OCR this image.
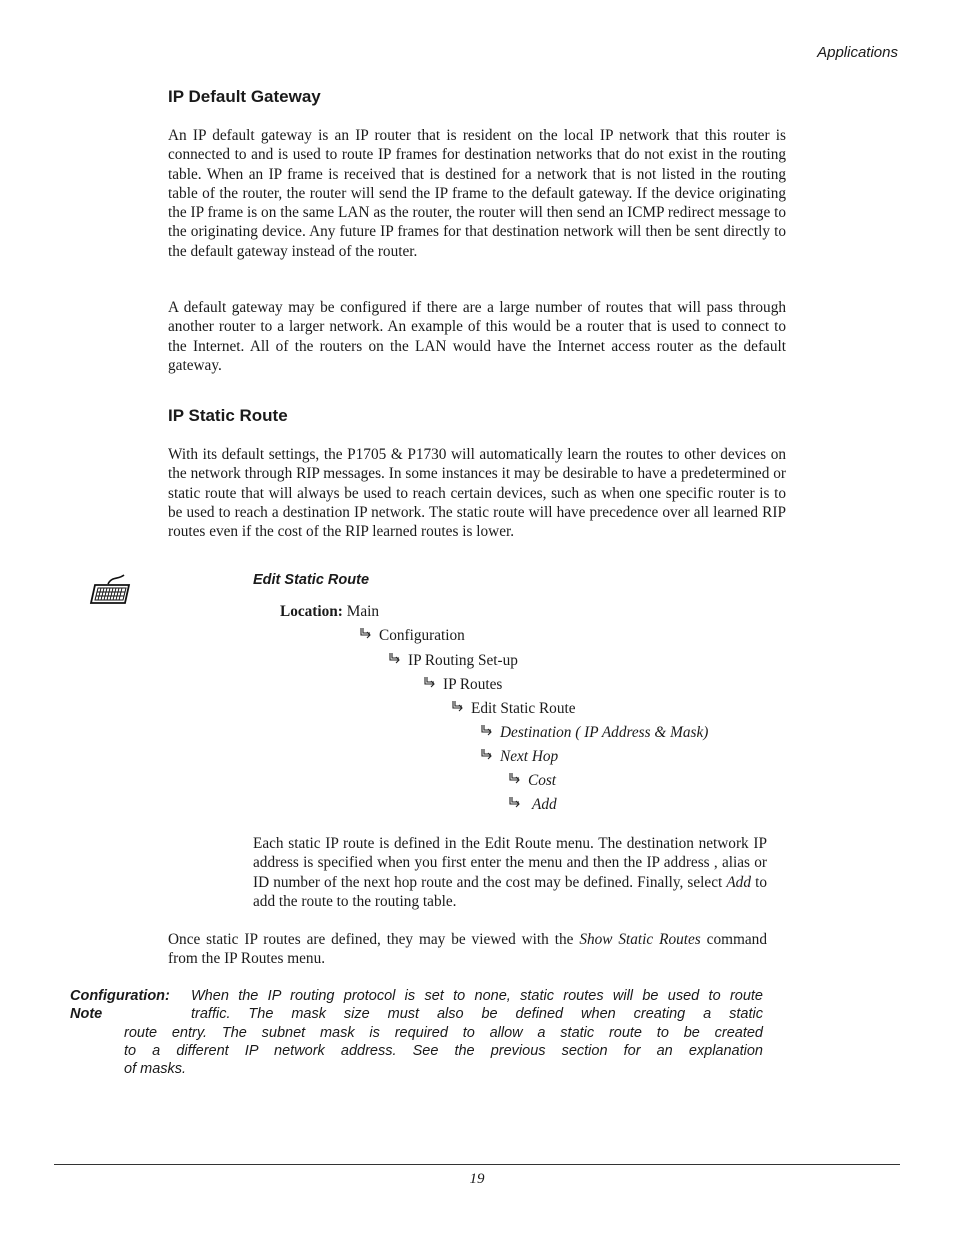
Applications
IP Default Gateway
An IP default gateway is an IP router that is resident on the local IP network that this router is connected to and is used to route IP frames for destination networks that do not exist in the routing table. When an IP frame is received that is destined for a network that is not listed in the routing table of the router, the router will send the IP frame to the default gateway. If the device originating the IP frame is on the same LAN as the router, the router will then send an ICMP redirect message to the originating device. Any future IP frames for that destination network will then be sent directly to the default gateway instead of the router.
A default gateway may be configured if there are a large number of routes that will pass through another router to a larger network. An example of this would be a router that is used to connect to the Internet. All of the routers on the LAN would have the Internet access router as the default gateway.
IP Static Route
With its default settings, the P1705 & P1730 will automatically learn the routes to other devices on the network through RIP messages. In some instances it may be desirable to have a predetermined or static route that will always be used to reach certain devices, such as when one specific router is to be used to reach a destination IP network. The static route will have precedence over all learned RIP routes even if the cost of the RIP learned routes is lower.
Edit Static Route
Location: Main
Configuration
IP Routing Set-up
IP Routes
Edit Static Route
Destination ( IP Address & Mask)
Next Hop
Cost
Add
Each static IP route is defined in the Edit Route menu. The destination network IP address is specified when you first enter the menu and then the IP address , alias or ID number of the next hop route and the cost may be defined. Finally, select Add to add the route to the routing table.
Once static IP routes are defined, they may be viewed with the Show Static Routes command from the IP Routes menu.
Configuration: When the IP routing protocol is set to none, static routes will be used to route
Note	traffic. The mask size must also be defined when creating a static
route entry. The subnet mask is required to allow a static route to be created
to a different IP network address. See the previous section for an explanation
of masks.
19
